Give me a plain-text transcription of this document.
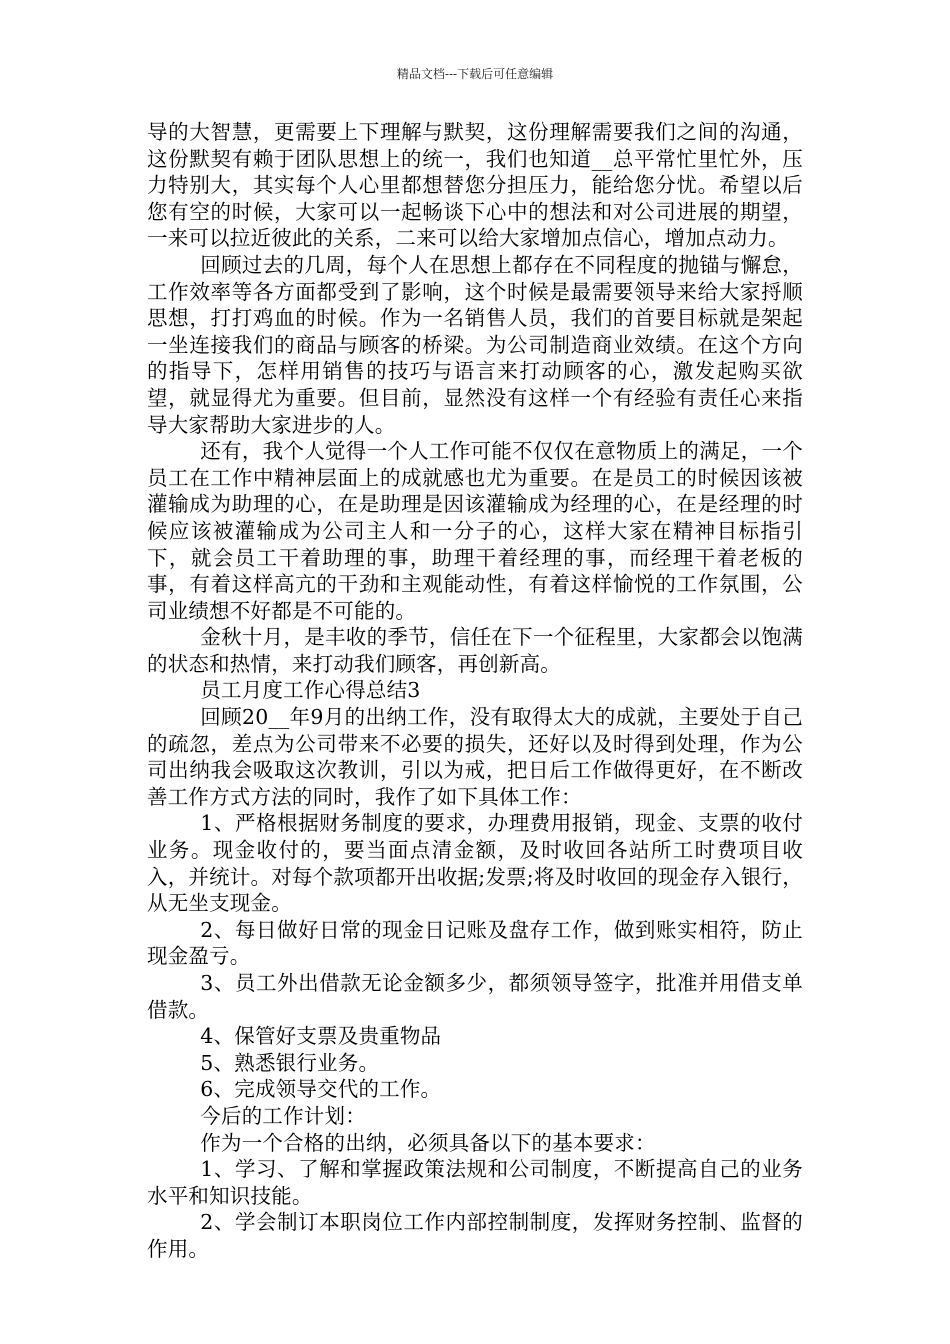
精品文档---下载后可任意编辑

导的大智慧，更需要上下理解与默契，这份理解需要我们之间的沟通，这份默契有赖于团队思想上的统一，我们也知道__总平常忙里忙外，压力特别大，其实每个人心里都想替您分担压力，能给您分忧。希望以后您有空的时候，大家可以一起畅谈下心中的想法和对公司进展的期望，一来可以拉近彼此的关系，二来可以给大家增加点信心，增加点动力。

回顾过去的几周，每个人在思想上都存在不同程度的抛锚与懈怠，工作效率等各方面都受到了影响，这个时候是最需要领导来给大家捋顺思想，打打鸡血的时候。作为一名销售人员，我们的首要目标就是架起一坐连接我们的商品与顾客的桥梁。为公司制造商业效绩。在这个方向的指导下，怎样用销售的技巧与语言来打动顾客的心，激发起购买欲望，就显得尤为重要。但目前，显然没有这样一个有经验有责任心来指导大家帮助大家进步的人。

还有，我个人觉得一个人工作可能不仅仅在意物质上的满足，一个员工在工作中精神层面上的成就感也尤为重要。在是员工的时候因该被灌输成为助理的心，在是助理是因该灌输成为经理的心，在是经理的时候应该被灌输成为公司主人和一分子的心，这样大家在精神目标指引下，就会员工干着助理的事，助理干着经理的事，而经理干着老板的事，有着这样高亢的干劲和主观能动性，有着这样愉悦的工作氛围，公司业绩想不好都是不可能的。

金秋十月，是丰收的季节，信任在下一个征程里，大家都会以饱满的状态和热情，来打动我们顾客，再创新高。

员工月度工作心得总结3

回顾20__年9月的出纳工作，没有取得太大的成就，主要处于自己的疏忽，差点为公司带来不必要的损失，还好以及时得到处理，作为公司出纳我会吸取这次教训，引以为戒，把日后工作做得更好，在不断改善工作方式方法的同时，我作了如下具体工作：

1、严格根据财务制度的要求，办理费用报销，现金、支票的收付业务。现金收付的，要当面点清金额，及时收回各站所工时费项目收入，并统计。对每个款项都开出收据;发票;将及时收回的现金存入银行，从无坐支现金。

2、每日做好日常的现金日记账及盘存工作，做到账实相符，防止现金盈亏。

3、员工外出借款无论金额多少，都须领导签字，批准并用借支单借款。

4、保管好支票及贵重物品

5、熟悉银行业务。

6、完成领导交代的工作。

今后的工作计划：

作为一个合格的出纳，必须具备以下的基本要求：

1、学习、了解和掌握政策法规和公司制度，不断提高自己的业务水平和知识技能。

2、学会制订本职岗位工作内部控制制度，发挥财务控制、监督的作用。
